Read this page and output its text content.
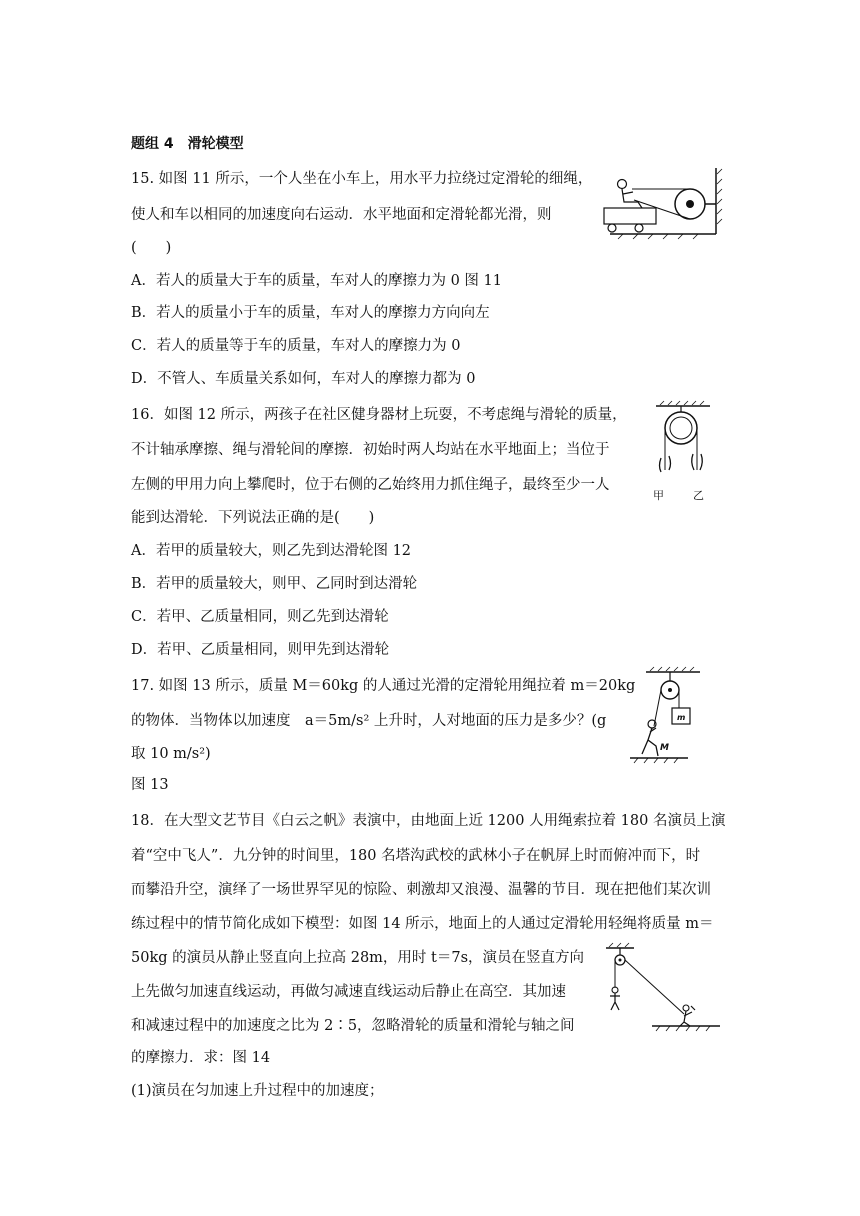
题组 4　滑轮模型
15. 如图 11 所示，一个人坐在小车上，用水平力拉绕过定滑轮的细绳，
使人和车以相同的加速度向右运动．水平地面和定滑轮都光滑，则
(　　)
A．若人的质量大于车的质量，车对人的摩擦力为 0 图 11
B．若人的质量小于车的质量，车对人的摩擦力方向向左
C．若人的质量等于车的质量，车对人的摩擦力为 0
D．不管人、车质量关系如何，车对人的摩擦力都为 0
16．如图 12 所示，两孩子在社区健身器材上玩耍，不考虑绳与滑轮的质量，
不计轴承摩擦、绳与滑轮间的摩擦．初始时两人均站在水平地面上；当位于
左侧的甲用力向上攀爬时，位于右侧的乙始终用力抓住绳子，最终至少一人
能到达滑轮．下列说法正确的是(　　)
A．若甲的质量较大，则乙先到达滑轮图 12
B．若甲的质量较大，则甲、乙同时到达滑轮
C．若甲、乙质量相同，则乙先到达滑轮
D．若甲、乙质量相同，则甲先到达滑轮
甲	乙
17. 如图 13 所示，质量 M＝60kg 的人通过光滑的定滑轮用绳拉着 m＝20kg
的物体．当物体以加速度　a＝5m/s² 上升时，人对地面的压力是多少？(g
取 10 m/s²)
图 13
m
M
18．在大型文艺节目《白云之帆》表演中，由地面上近 1200 人用绳索拉着 180 名演员上演
着“空中飞人”．九分钟的时间里，180 名塔沟武校的武林小子在帆屏上时而俯冲而下，时
而攀沿升空，演绎了一场世界罕见的惊险、刺激却又浪漫、温馨的节目．现在把他们某次训
练过程中的情节简化成如下模型：如图 14 所示，地面上的人通过定滑轮用轻绳将质量 m＝
50kg 的演员从静止竖直向上拉高 28m，用时 t＝7s，演员在竖直方向
上先做匀加速直线运动，再做匀减速直线运动后静止在高空．其加速
和减速过程中的加速度之比为 2∶5，忽略滑轮的质量和滑轮与轴之间
的摩擦力．求：图 14
(1)演员在匀加速上升过程中的加速度；
